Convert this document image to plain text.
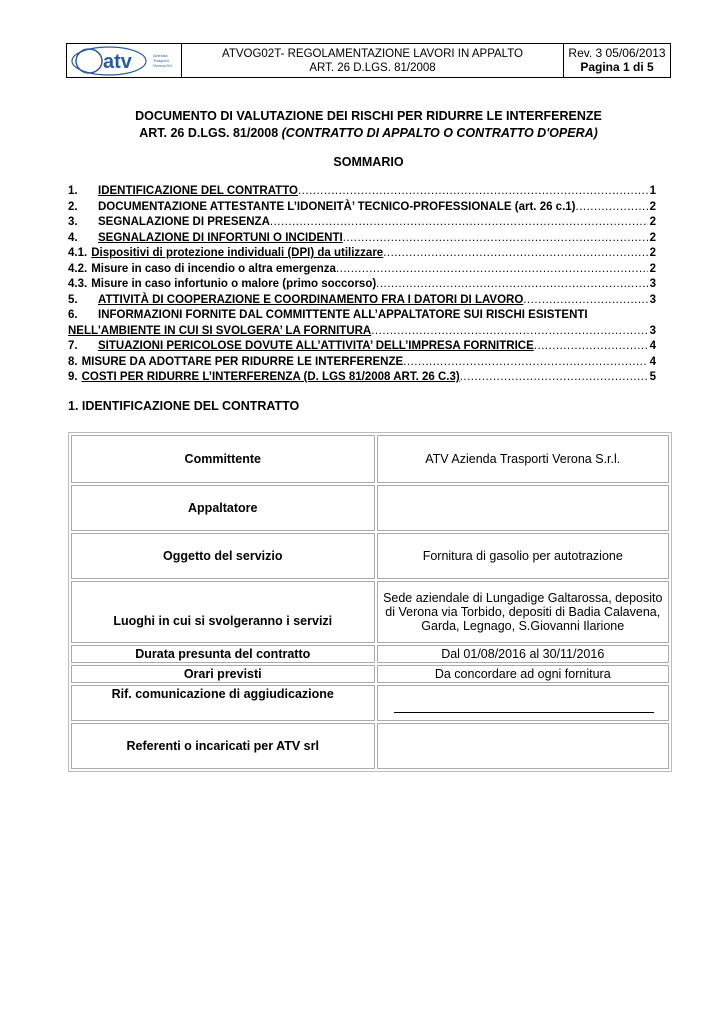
atv	Azienda
Trasporti
Verona Srl
ATVOG02T- REGOLAMENTAZIONE LAVORI IN APPALTO
ART. 26 D.LGS. 81/2008
Rev. 3 05/06/2013
Pagina 1 di 5
DOCUMENTO DI VALUTAZIONE DEI RISCHI PER RIDURRE LE INTERFERENZE
ART. 26 D.LGS. 81/2008 (CONTRATTO DI APPALTO O CONTRATTO D'OPERA)
SOMMARIO
1.	IDENTIFICAZIONE DEL CONTRATTO .....	1
2.	DOCUMENTAZIONE ATTESTANTE L’IDONEITÀ’ TECNICO-PROFESSIONALE (art. 26 c.1) .....	2
3.	SEGNALAZIONE DI PRESENZA .....	2
4.	SEGNALAZIONE DI INFORTUNI O INCIDENTI .....	2
4.1. Dispositivi di protezione individuali (DPI) da utilizzare .....	2
4.2. Misure in caso di incendio o altra emergenza .....	2
4.3. Misure in caso infortunio o malore (primo soccorso) .....	3
5.	ATTIVITÀ DI COOPERAZIONE E COORDINAMENTO FRA I DATORI DI LAVORO .....	3
6.	INFORMAZIONI FORNITE DAL COMMITTENTE ALL’APPALTATORE SUI RISCHI ESISTENTI
NELL'AMBIENTE IN CUI SI SVOLGERA’ LA FORNITURA .....	3
7.	SITUAZIONI PERICOLOSE DOVUTE ALL’ATTIVITA’ DELL’IMPRESA FORNITRICE .....	4
8. MISURE DA ADOTTARE PER RIDURRE LE INTERFERENZE .....	4
9. COSTI PER RIDURRE L’INTERFERENZA (D. LGS 81/2008 ART. 26 C.3) .....	5
1. IDENTIFICAZIONE DEL CONTRATTO
Committente	ATV Azienda Trasporti Verona S.r.l.
Appaltatore	
Oggetto del servizio	Fornitura di gasolio per autotrazione
Luoghi in cui si svolgeranno i servizi	Sede aziendale di Lungadige Galtarossa, deposito di Verona via Torbido, depositi di Badia Calavena, Garda, Legnago, S.Giovanni Ilarione
Durata presunta del contratto	Dal 01/08/2016 al 30/11/2016
Orari previsti	Da concordare ad ogni fornitura
Rif. comunicazione di aggiudicazione	

Referenti o incaricati per ATV srl	
